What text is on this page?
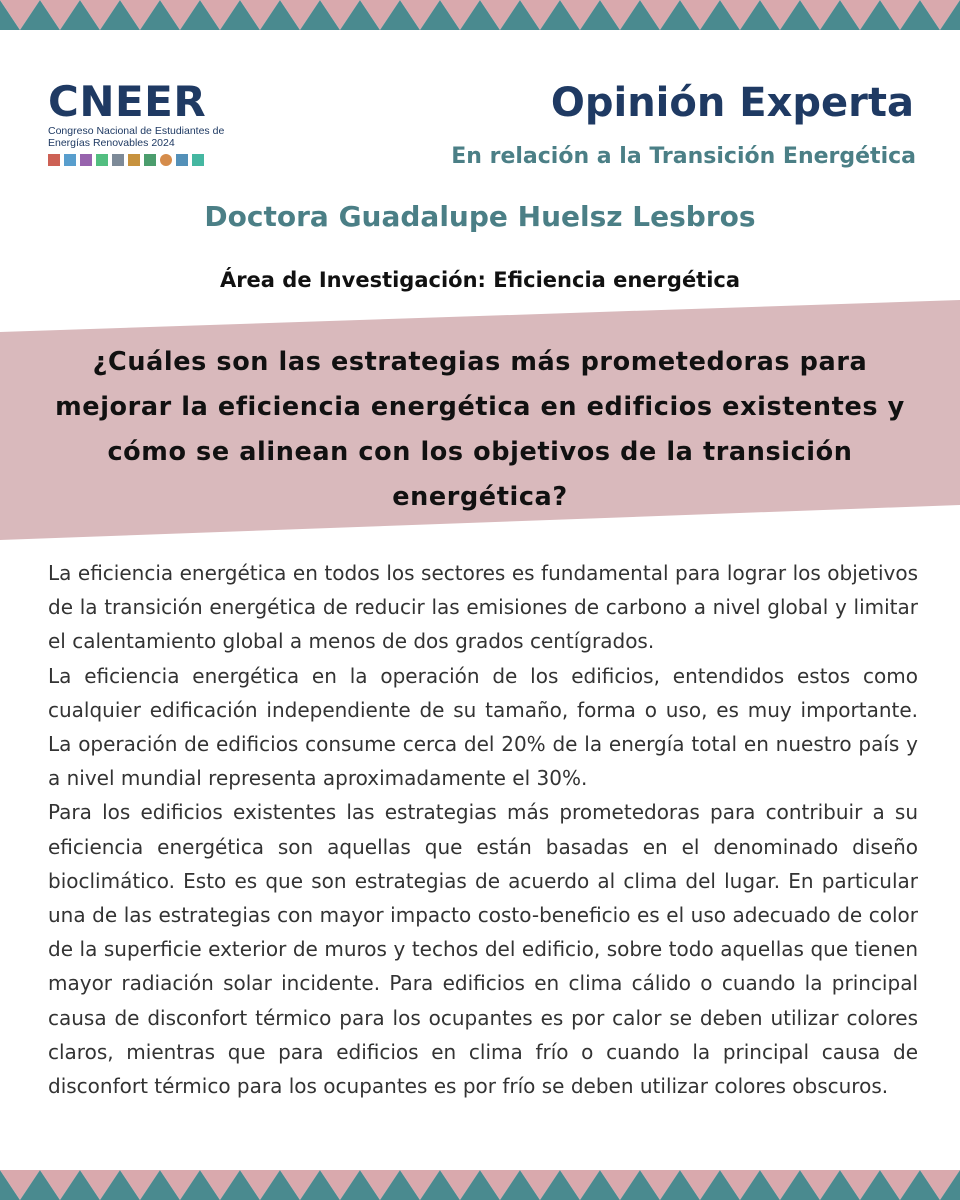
CNEER
Congreso Nacional de Estudiantes de Energías Renovables 2024
Opinión Experta
En relación a la Transición Energética
Doctora Guadalupe Huelsz Lesbros
Área de Investigación: Eficiencia energética
¿Cuáles son las estrategias más prometedoras para mejorar la eficiencia energética en edificios existentes y cómo se alinean con los objetivos de la transición energética?

La eficiencia energética en todos los sectores es fundamental para lograr los objetivos de la transición energética de reducir las emisiones de carbono a nivel global y limitar el calentamiento global a menos de dos grados centígrados.

La eficiencia energética en la operación de los edificios, entendidos estos como cualquier edificación independiente de su tamaño, forma o uso, es muy importante. La operación de edificios consume cerca del 20% de la energía total en nuestro país y a nivel mundial representa aproximadamente el 30%.

Para los edificios existentes las estrategias más prometedoras para contribuir a su eficiencia energética son aquellas que están basadas en el denominado diseño bioclimático. Esto es que son estrategias de acuerdo al clima del lugar. En particular una de las estrategias con mayor impacto costo-beneficio es el uso adecuado de color de la superficie exterior de muros y techos del edificio, sobre todo aquellas que tienen mayor radiación solar incidente. Para edificios en clima cálido o cuando la principal causa de disconfort térmico para los ocupantes es por calor se deben utilizar colores claros, mientras que para edificios en clima frío o cuando la principal causa de disconfort térmico para los ocupantes es por frío se deben utilizar colores obscuros.
